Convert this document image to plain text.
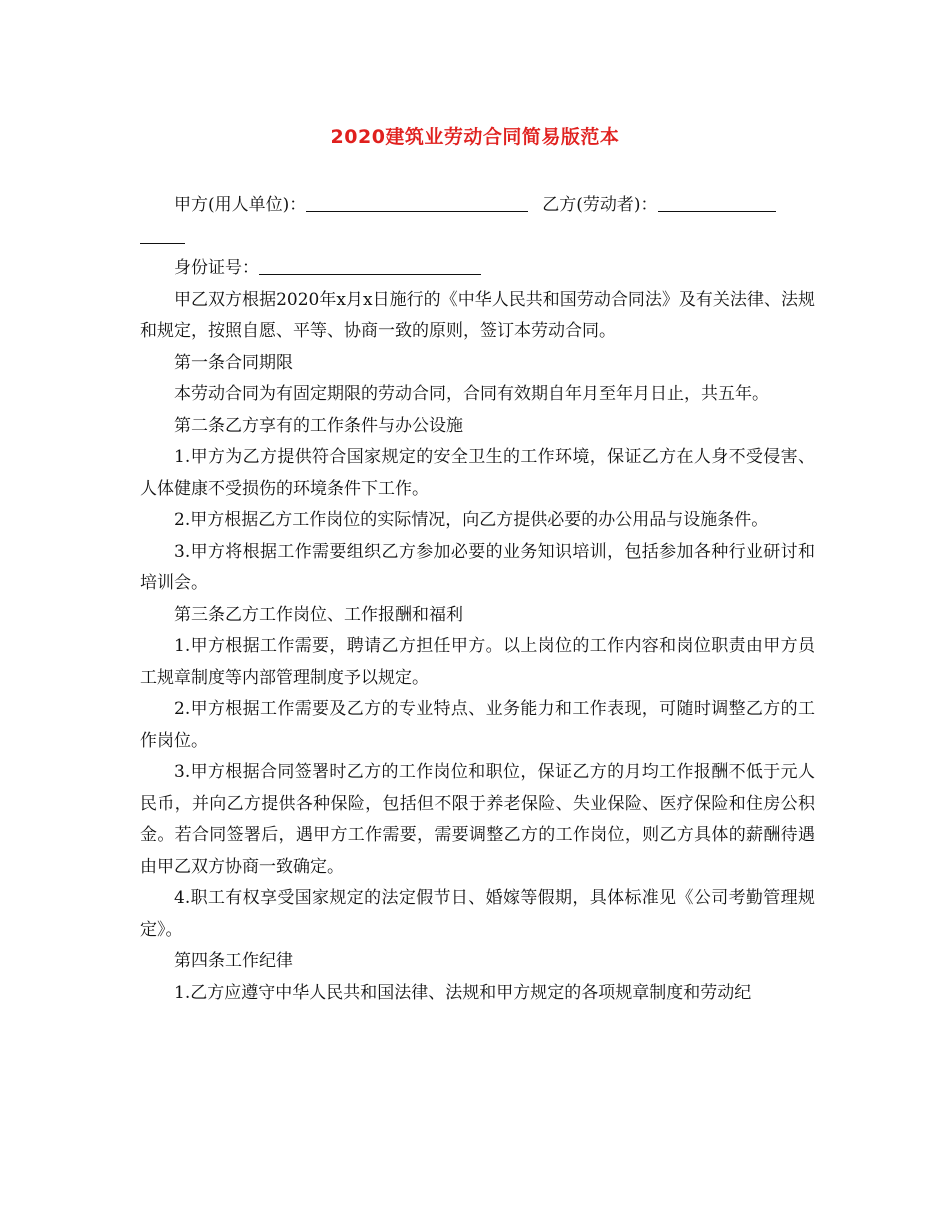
2020建筑业劳动合同简易版范本

甲方(用人单位)：	乙方(劳动者)：

身份证号：

甲乙双方根据2020年x月x日施行的《中华人民共和国劳动合同法》及有关法律、法规和规定，按照自愿、平等、协商一致的原则，签订本劳动合同。

第一条合同期限

本劳动合同为有固定期限的劳动合同，合同有效期自年月至年月日止，共五年。

第二条乙方享有的工作条件与办公设施

1.甲方为乙方提供符合国家规定的安全卫生的工作环境，保证乙方在人身不受侵害、人体健康不受损伤的环境条件下工作。

2.甲方根据乙方工作岗位的实际情况，向乙方提供必要的办公用品与设施条件。

3.甲方将根据工作需要组织乙方参加必要的业务知识培训，包括参加各种行业研讨和培训会。

第三条乙方工作岗位、工作报酬和福利

1.甲方根据工作需要，聘请乙方担任甲方。以上岗位的工作内容和岗位职责由甲方员工规章制度等内部管理制度予以规定。

2.甲方根据工作需要及乙方的专业特点、业务能力和工作表现，可随时调整乙方的工作岗位。

3.甲方根据合同签署时乙方的工作岗位和职位，保证乙方的月均工作报酬不低于元人民币，并向乙方提供各种保险，包括但不限于养老保险、失业保险、医疗保险和住房公积金。若合同签署后，遇甲方工作需要，需要调整乙方的工作岗位，则乙方具体的薪酬待遇由甲乙双方协商一致确定。

4.职工有权享受国家规定的法定假节日、婚嫁等假期，具体标准见《公司考勤管理规定》。

第四条工作纪律

1.乙方应遵守中华人民共和国法律、法规和甲方规定的各项规章制度和劳动纪
